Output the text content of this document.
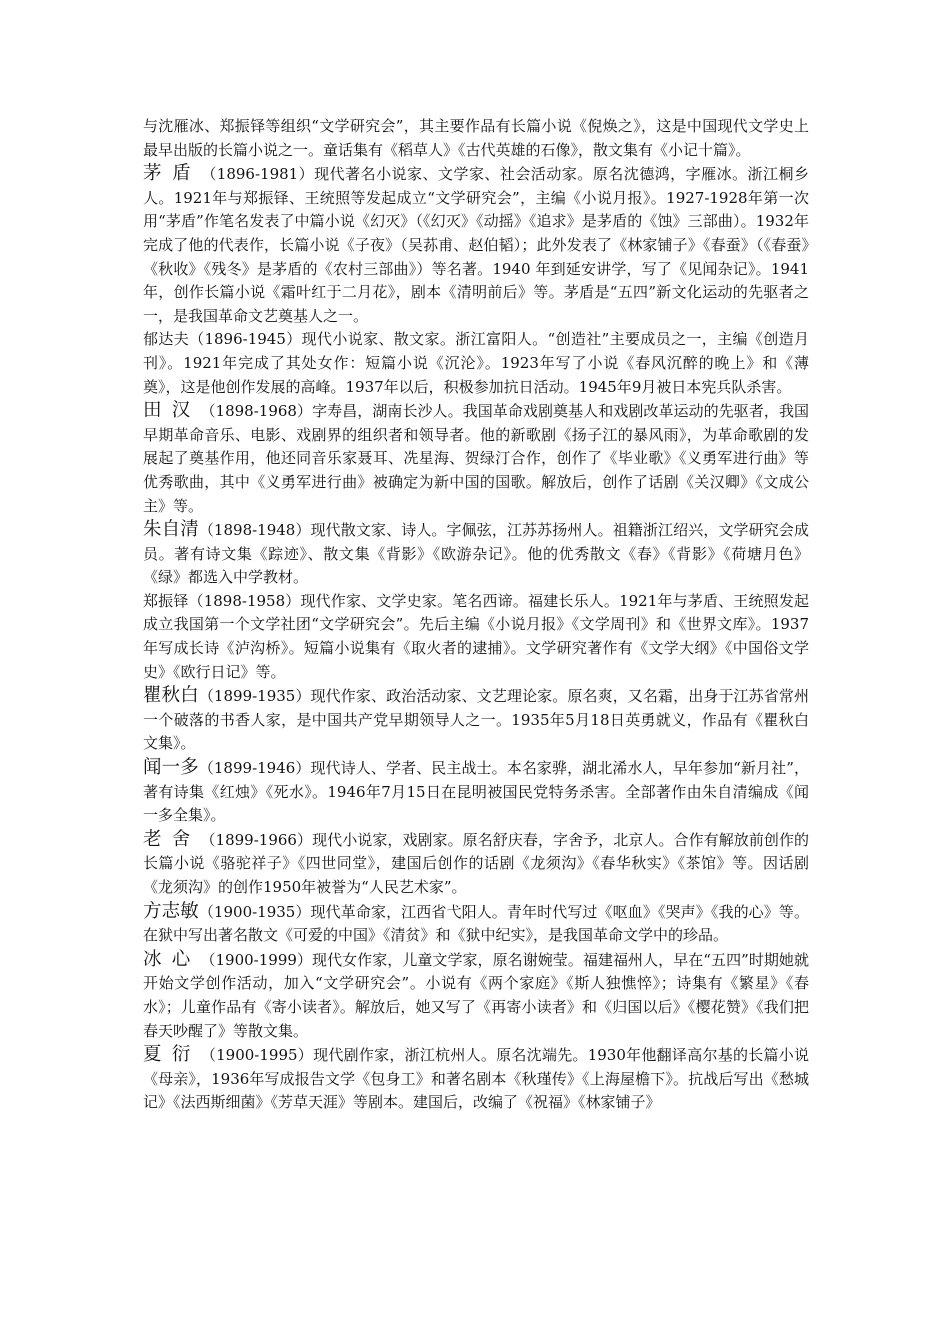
与沈雁冰、郑振铎等组织“文学研究会”，其主要作品有长篇小说《倪焕之》，这是中国现代文学史上最早出版的长篇小说之一。童话集有《稻草人》《古代英雄的石像》，散文集有《小记十篇》。

茅盾（1896-1981）现代著名小说家、文学家、社会活动家。原名沈德鸿，字雁冰。浙江桐乡人。1921年与郑振铎、王统照等发起成立“文学研究会”，主编《小说月报》。1927-1928年第一次用“茅盾”作笔名发表了中篇小说《幻灭》（《幻灭》《动摇》《追求》是茅盾的《蚀》三部曲）。1932年完成了他的代表作，长篇小说《子夜》（吴荪甫、赵伯韬）；此外发表了《林家铺子》《春蚕》（《春蚕》《秋收》《残冬》是茅盾的《农村三部曲》）等名著。1940 年到延安讲学，写了《见闻杂记》。1941年，创作长篇小说《霜叶红于二月花》，剧本《清明前后》等。茅盾是“五四”新文化运动的先驱者之一，是我国革命文艺奠基人之一。

郁达夫（1896-1945）现代小说家、散文家。浙江富阳人。“创造社”主要成员之一，主编《创造月刊》。1921年完成了其处女作：短篇小说《沉沦》。1923年写了小说《春风沉醉的晚上》和《薄奠》，这是他创作发展的高峰。1937年以后，积极参加抗日活动。1945年9月被日本宪兵队杀害。

田汉（1898-1968）字寿昌，湖南长沙人。我国革命戏剧奠基人和戏剧改革运动的先驱者，我国早期革命音乐、电影、戏剧界的组织者和领导者。他的新歌剧《扬子江的暴风雨》，为革命歌剧的发展起了奠基作用，他还同音乐家聂耳、冼星海、贺绿汀合作，创作了《毕业歌》《义勇军进行曲》等优秀歌曲，其中《义勇军进行曲》被确定为新中国的国歌。解放后，创作了话剧《关汉卿》《文成公主》等。

朱自清（1898-1948）现代散文家、诗人。字佩弦，江苏苏扬州人。祖籍浙江绍兴，文学研究会成员。著有诗文集《踪迹》、散文集《背影》《欧游杂记》。他的优秀散文《春》《背影》《荷塘月色》《绿》都选入中学教材。

郑振铎（1898-1958）现代作家、文学史家。笔名西谛。福建长乐人。1921年与茅盾、王统照发起成立我国第一个文学社团“文学研究会”。先后主编《小说月报》《文学周刊》和《世界文库》。1937年写成长诗《泸沟桥》。短篇小说集有《取火者的逮捕》。文学研究著作有《文学大纲》《中国俗文学史》《欧行日记》等。

瞿秋白（1899-1935）现代作家、政治活动家、文艺理论家。原名爽，又名霜，出身于江苏省常州一个破落的书香人家，是中国共产党早期领导人之一。1935年5月18日英勇就义，作品有《瞿秋白文集》。

闻一多（1899-1946）现代诗人、学者、民主战士。本名家骅，湖北浠水人，早年参加“新月社”，著有诗集《红烛》《死水》。1946年7月15日在昆明被国民党特务杀害。全部著作由朱自清编成《闻一多全集》。

老舍（1899-1966）现代小说家，戏剧家。原名舒庆春，字舍予，北京人。合作有解放前创作的长篇小说《骆驼祥子》《四世同堂》，建国后创作的话剧《龙须沟》《春华秋实》《茶馆》等。因话剧《龙须沟》的创作1950年被誉为“人民艺术家”。

方志敏（1900-1935）现代革命家，江西省弋阳人。青年时代写过《呕血》《哭声》《我的心》等。在狱中写出著名散文《可爱的中国》《清贫》和《狱中纪实》，是我国革命文学中的珍品。

冰心（1900-1999）现代女作家，儿童文学家，原名谢婉莹。福建福州人，早在“五四”时期她就开始文学创作活动，加入“文学研究会”。小说有《两个家庭》《斯人独憔悴》；诗集有《繁星》《春水》；儿童作品有《寄小读者》。解放后，她又写了《再寄小读者》和《归国以后》《樱花赞》《我们把春天吵醒了》等散文集。

夏衍（1900-1995）现代剧作家，浙江杭州人。原名沈端先。1930年他翻译高尔基的长篇小说《母亲》，1936年写成报告文学《包身工》和著名剧本《秋瑾传》《上海屋檐下》。抗战后写出《愁城记》《法西斯细菌》《芳草天涯》等剧本。建国后，改编了《祝福》《林家铺子》
